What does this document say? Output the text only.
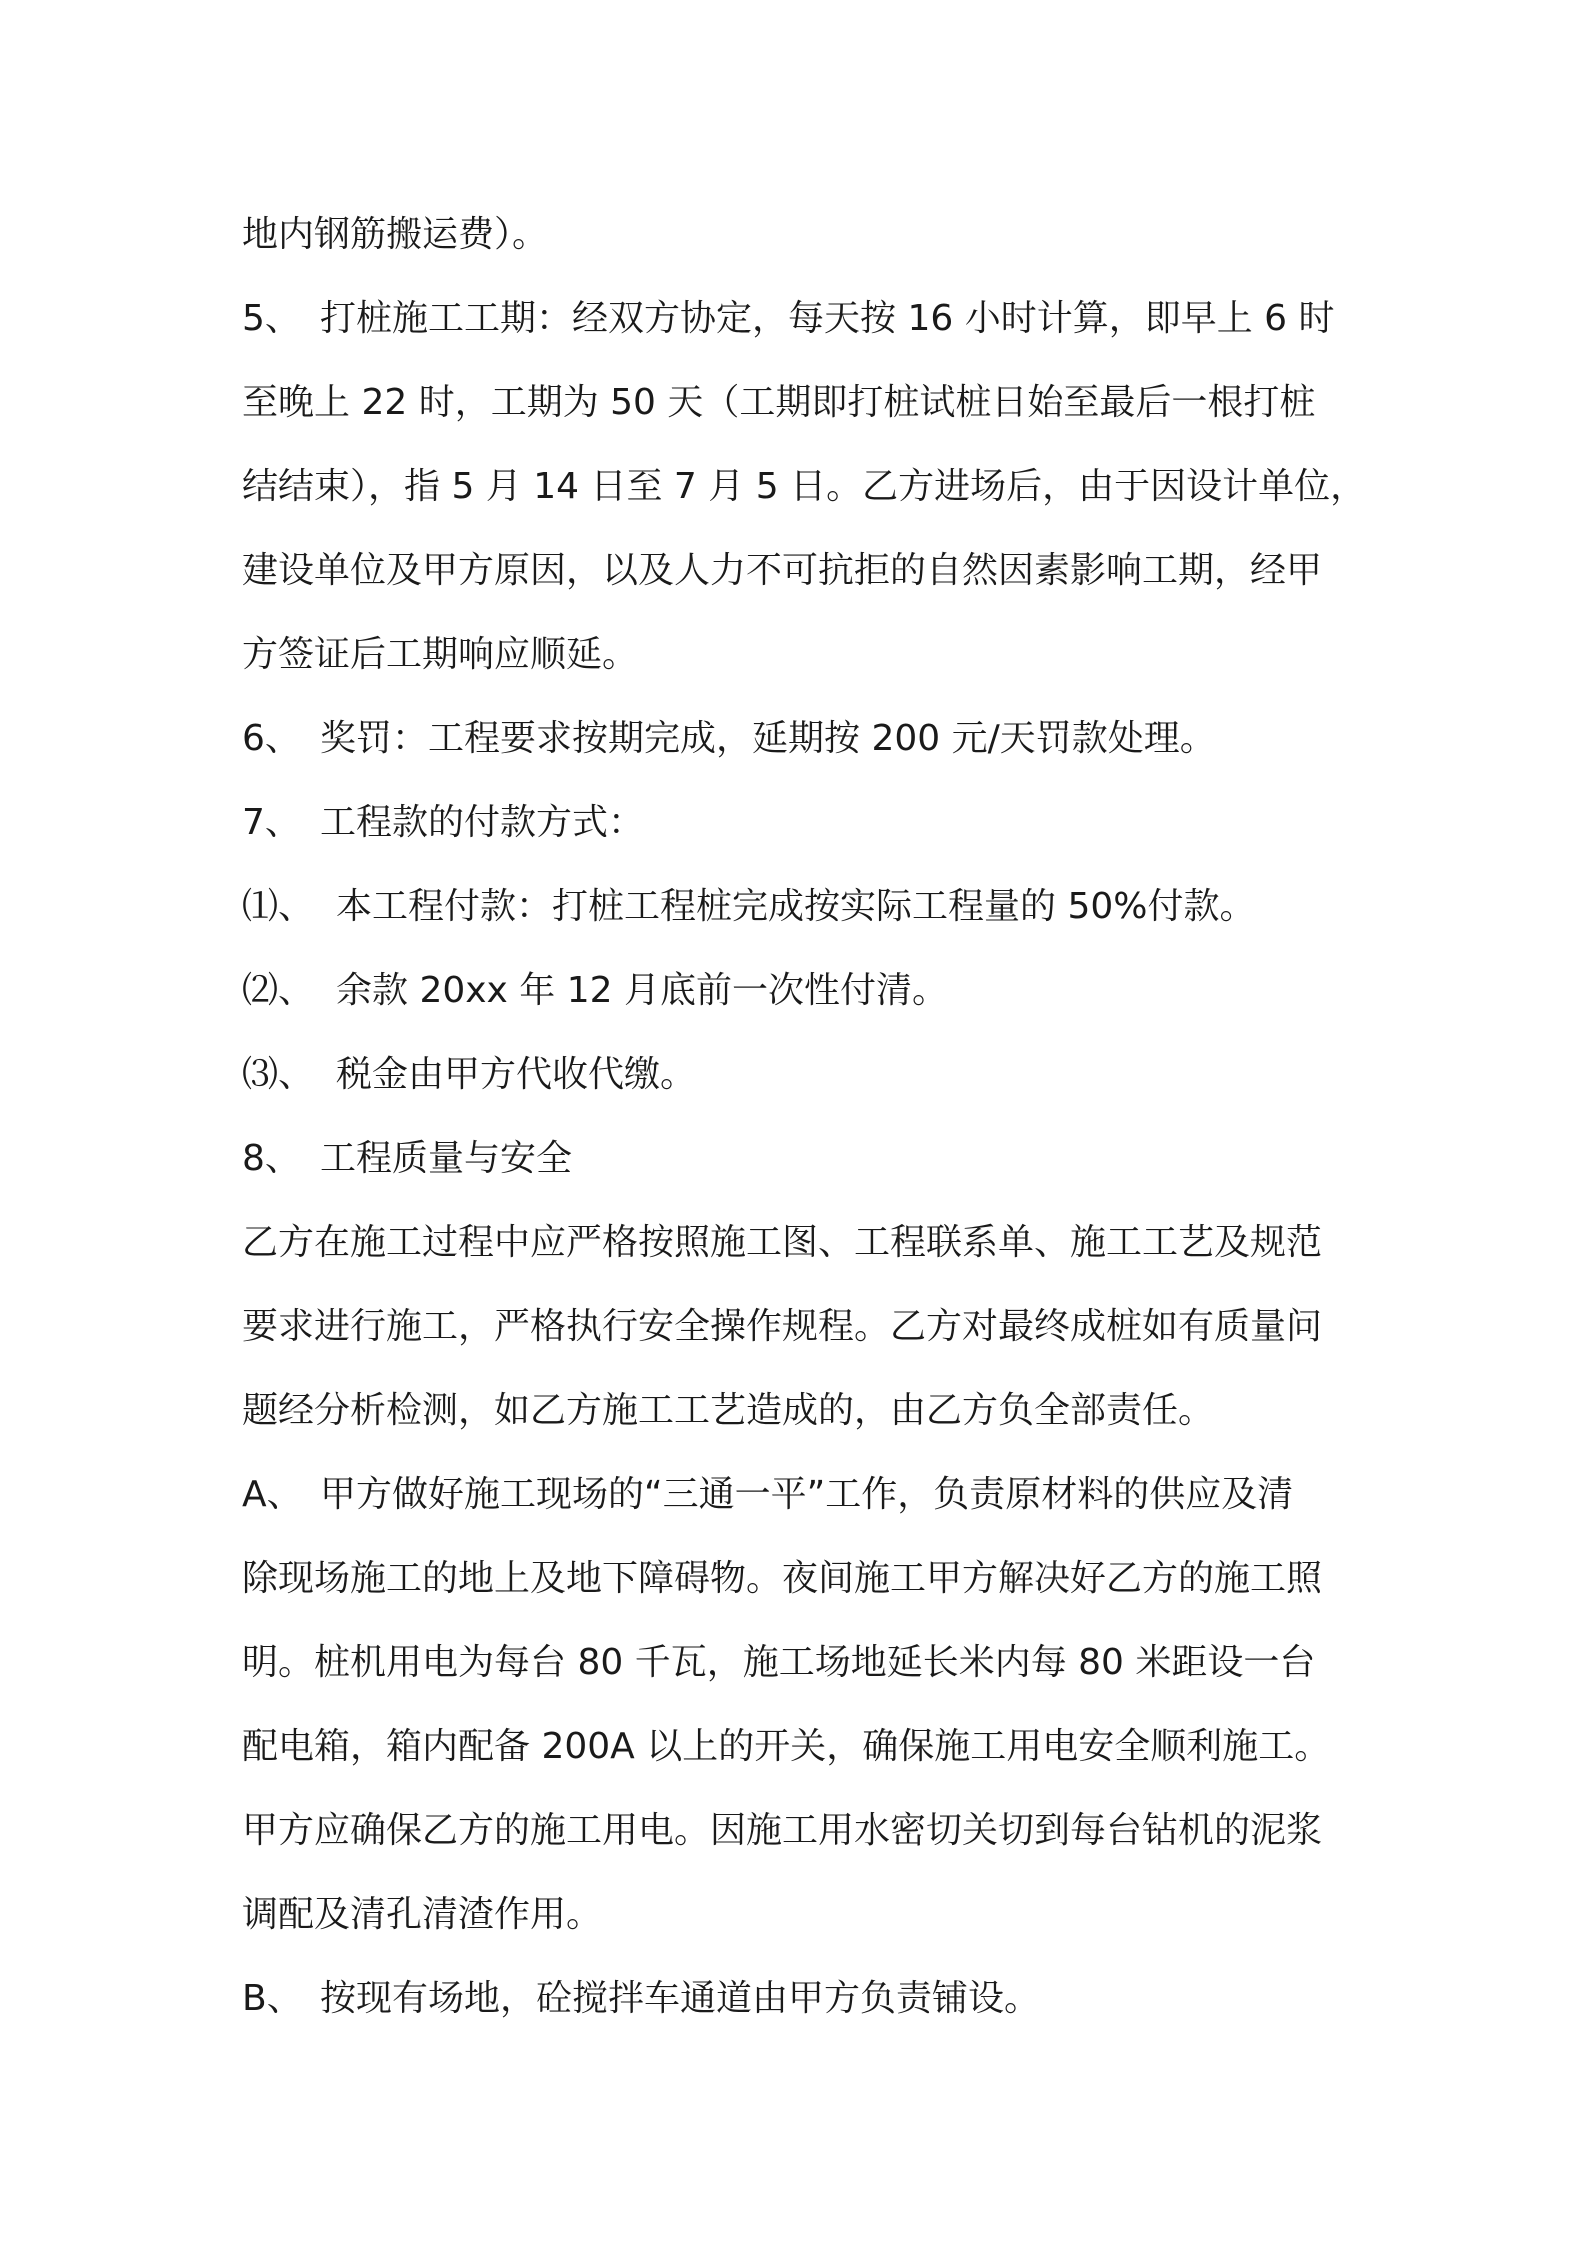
地内钢筋搬运费）。
5、 打桩施工工期：经双方协定，每天按 16 小时计算，即早上 6 时
至晚上 22 时，工期为 50 天（工期即打桩试桩日始至最后一根打桩
结结束），指 5 月 14 日至 7 月 5 日。乙方进场后，由于因设计单位，
建设单位及甲方原因，以及人力不可抗拒的自然因素影响工期，经甲
方签证后工期响应顺延。
6、 奖罚：工程要求按期完成，延期按 200 元/天罚款处理。
7、 工程款的付款方式：
⑴、 本工程付款：打桩工程桩完成按实际工程量的 50%付款。
⑵、 余款 20xx 年 12 月底前一次性付清。
⑶、 税金由甲方代收代缴。
8、 工程质量与安全
乙方在施工过程中应严格按照施工图、工程联系单、施工工艺及规范
要求进行施工，严格执行安全操作规程。乙方对最终成桩如有质量问
题经分析检测，如乙方施工工艺造成的，由乙方负全部责任。
A、 甲方做好施工现场的“三通一平”工作，负责原材料的供应及清
除现场施工的地上及地下障碍物。夜间施工甲方解决好乙方的施工照
明。桩机用电为每台 80 千瓦，施工场地延长米内每 80 米距设一台
配电箱，箱内配备 200A 以上的开关，确保施工用电安全顺利施工。
甲方应确保乙方的施工用电。因施工用水密切关切到每台钻机的泥浆
调配及清孔清渣作用。
B、 按现有场地，砼搅拌车通道由甲方负责铺设。
